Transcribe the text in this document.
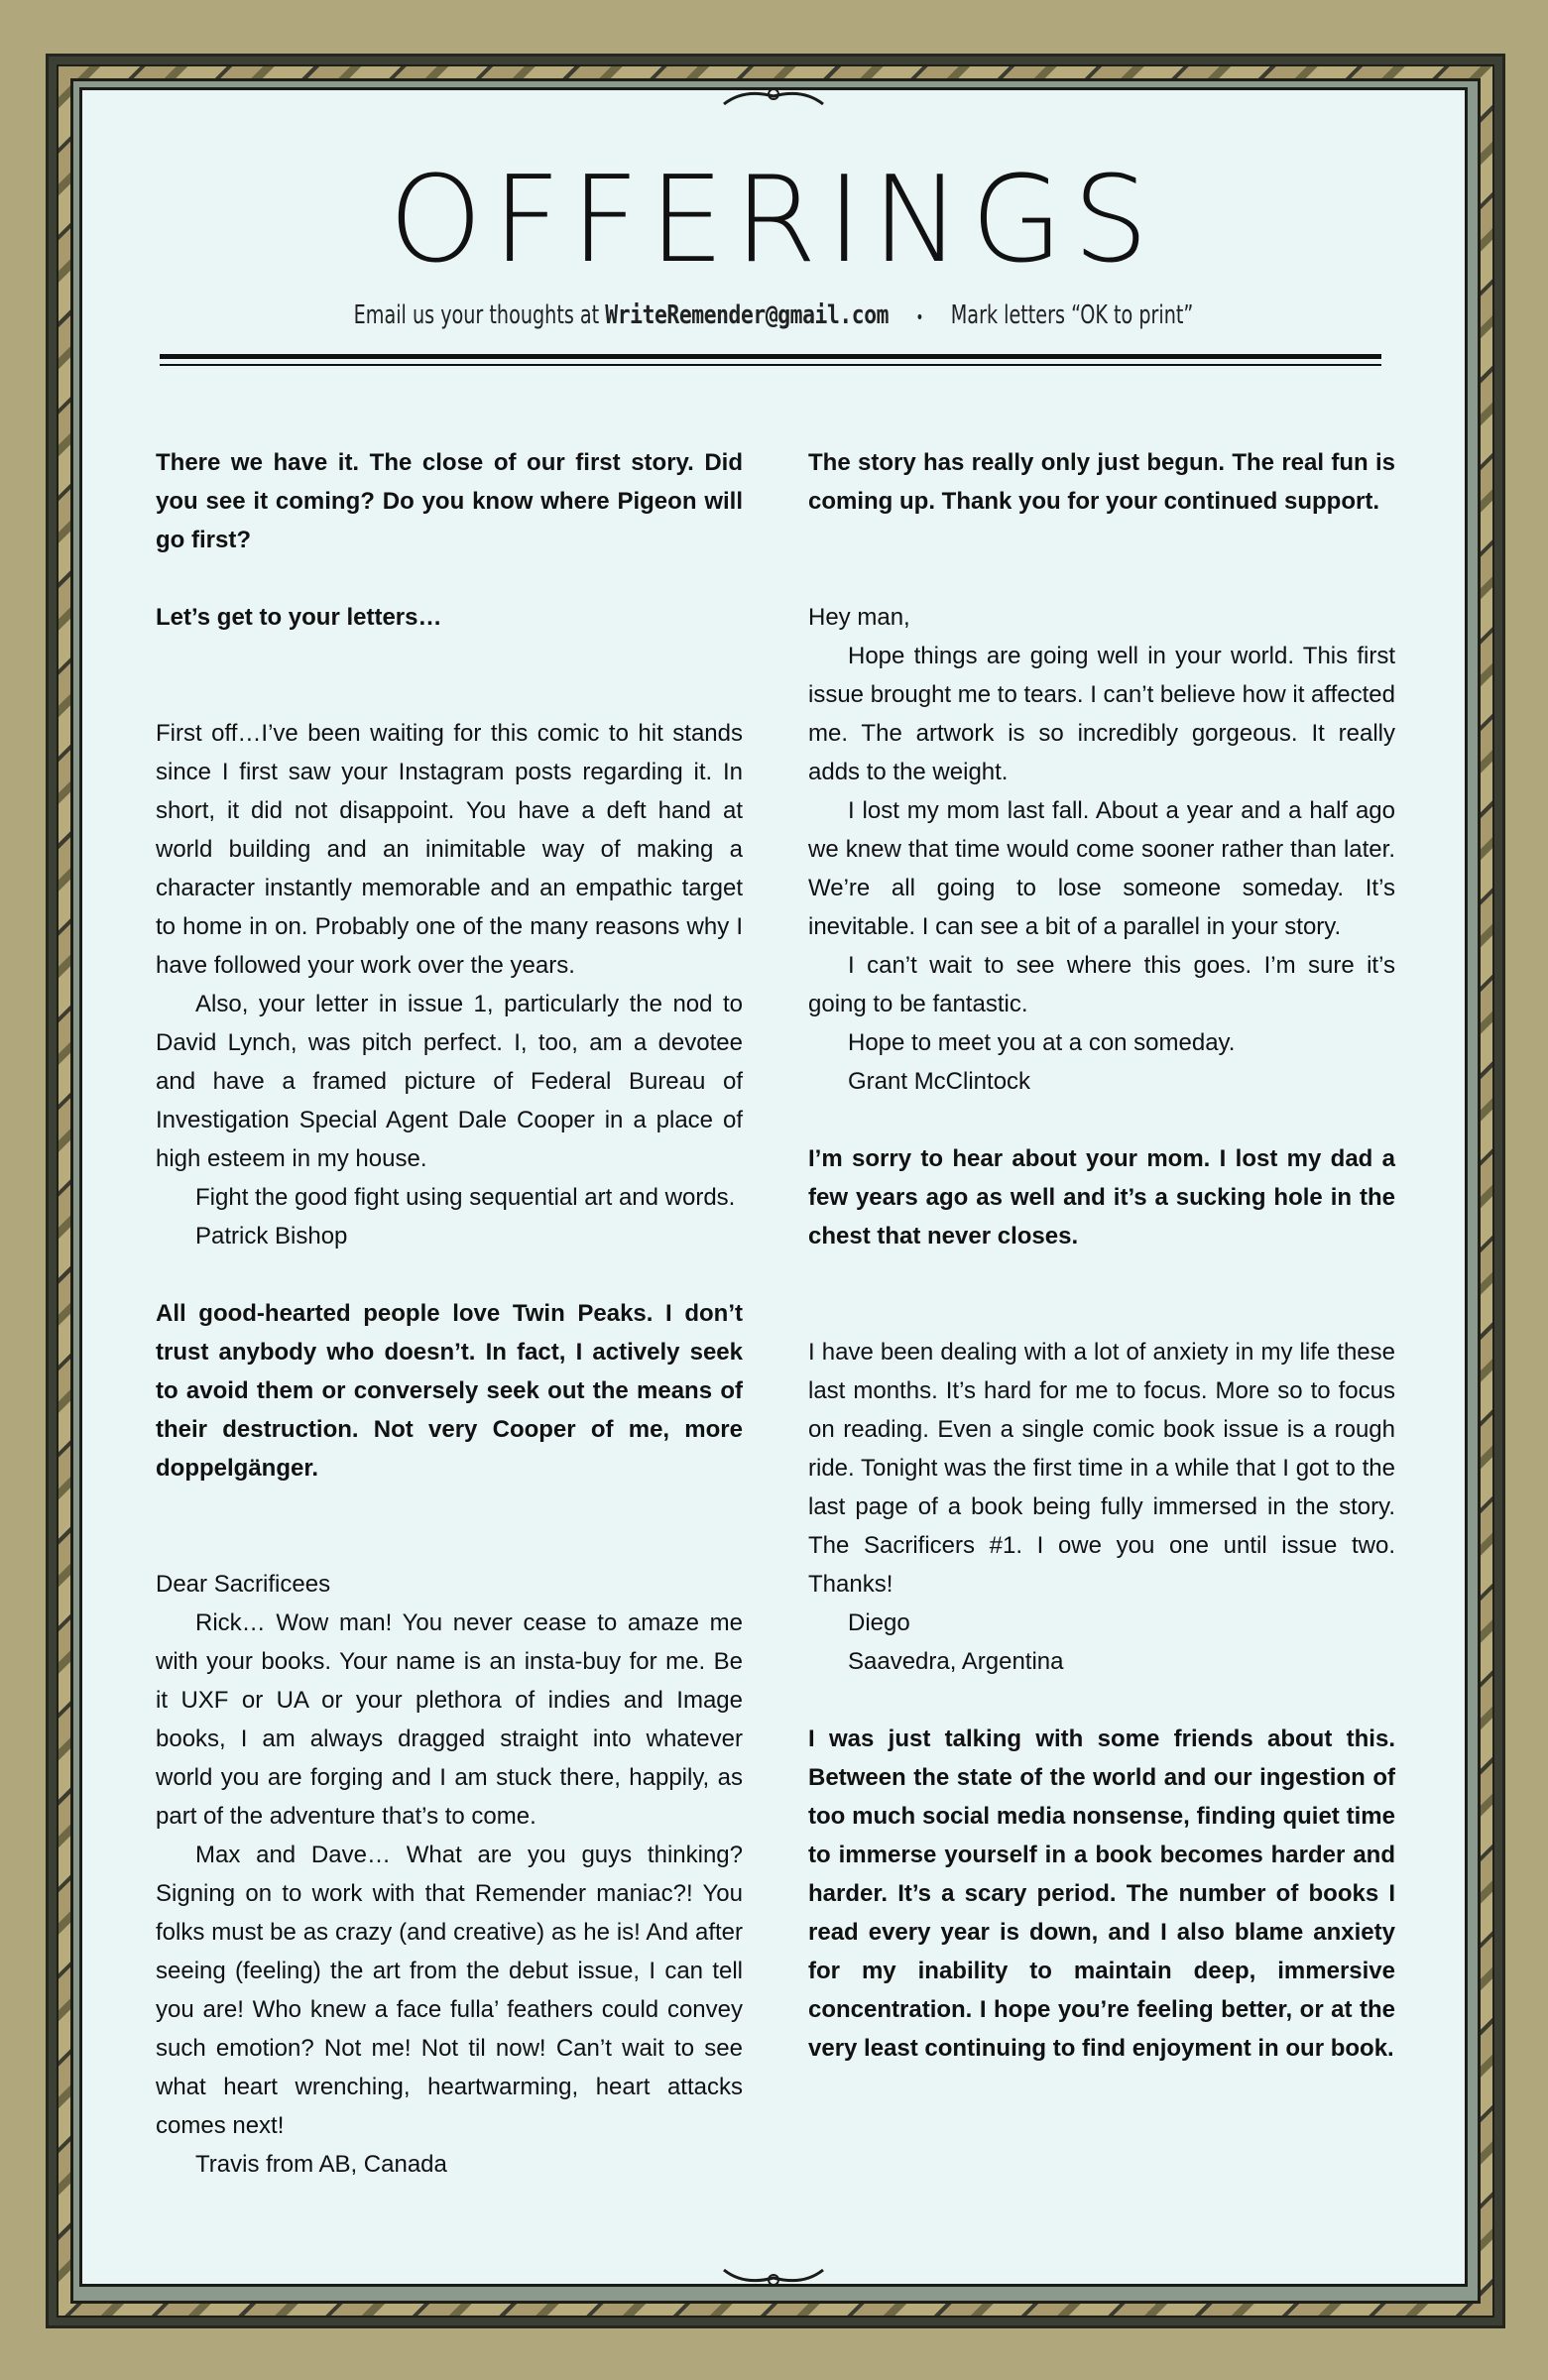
OFFERINGS
Email us your thoughts at WriteRemender@gmail.com • Mark letters “OK to print”

There we have it. The close of our first story. Did you see it coming? Do you know where Pigeon will go first?

Let’s get to your letters…

First off…I’ve been waiting for this comic to hit stands since I first saw your Instagram posts regarding it. In short, it did not disappoint. You have a deft hand at world building and an inimitable way of making a character instantly memorable and an empathic target to home in on. Probably one of the many reasons why I have followed your work over the years.

Also, your letter in issue 1, particularly the nod to David Lynch, was pitch perfect. I, too, am a devotee and have a framed picture of Federal Bureau of Investigation Special Agent Dale Cooper in a place of high esteem in my house.

Fight the good fight using sequential art and words.

Patrick Bishop

All good-hearted people love Twin Peaks. I don’t trust anybody who doesn’t. In fact, I actively seek to avoid them or conversely seek out the means of their destruction. Not very Cooper of me, more doppelgänger.

Dear Sacrificees

Rick… Wow man! You never cease to amaze me with your books. Your name is an insta-buy for me. Be it UXF or UA or your plethora of indies and Image books, I am always dragged straight into whatever world you are forging and I am stuck there, happily, as part of the adventure that’s to come.

Max and Dave… What are you guys thinking? Signing on to work with that Remender maniac?! You folks must be as crazy (and creative) as he is! And after seeing (feeling) the art from the debut issue, I can tell you are! Who knew a face fulla’ feathers could convey such emotion? Not me! Not til now! Can’t wait to see what heart wrenching, heartwarming, heart attacks comes next!

Travis from AB, Canada

The story has really only just begun. The real fun is coming up. Thank you for your continued support.

Hey man,

Hope things are going well in your world. This first issue brought me to tears. I can’t believe how it affected me. The artwork is so incredibly gorgeous. It really adds to the weight.

I lost my mom last fall. About a year and a half ago we knew that time would come sooner rather than later. We’re all going to lose someone someday. It’s inevitable. I can see a bit of a parallel in your story.

I can’t wait to see where this goes. I’m sure it’s going to be fantastic.

Hope to meet you at a con someday.

Grant McClintock

I’m sorry to hear about your mom. I lost my dad a few years ago as well and it’s a sucking hole in the chest that never closes.

I have been dealing with a lot of anxiety in my life these last months. It’s hard for me to focus. More so to focus on reading. Even a single comic book issue is a rough ride. Tonight was the first time in a while that I got to the last page of a book being fully immersed in the story. The Sacrificers #1. I owe you one until issue two. Thanks!

Diego

Saavedra, Argentina

I was just talking with some friends about this. Between the state of the world and our ingestion of too much social media nonsense, finding quiet time to immerse yourself in a book becomes harder and harder. It’s a scary period. The number of books I read every year is down, and I also blame anxiety for my inability to maintain deep, immersive concentration. I hope you’re feeling better, or at the very least continuing to find enjoyment in our book.
